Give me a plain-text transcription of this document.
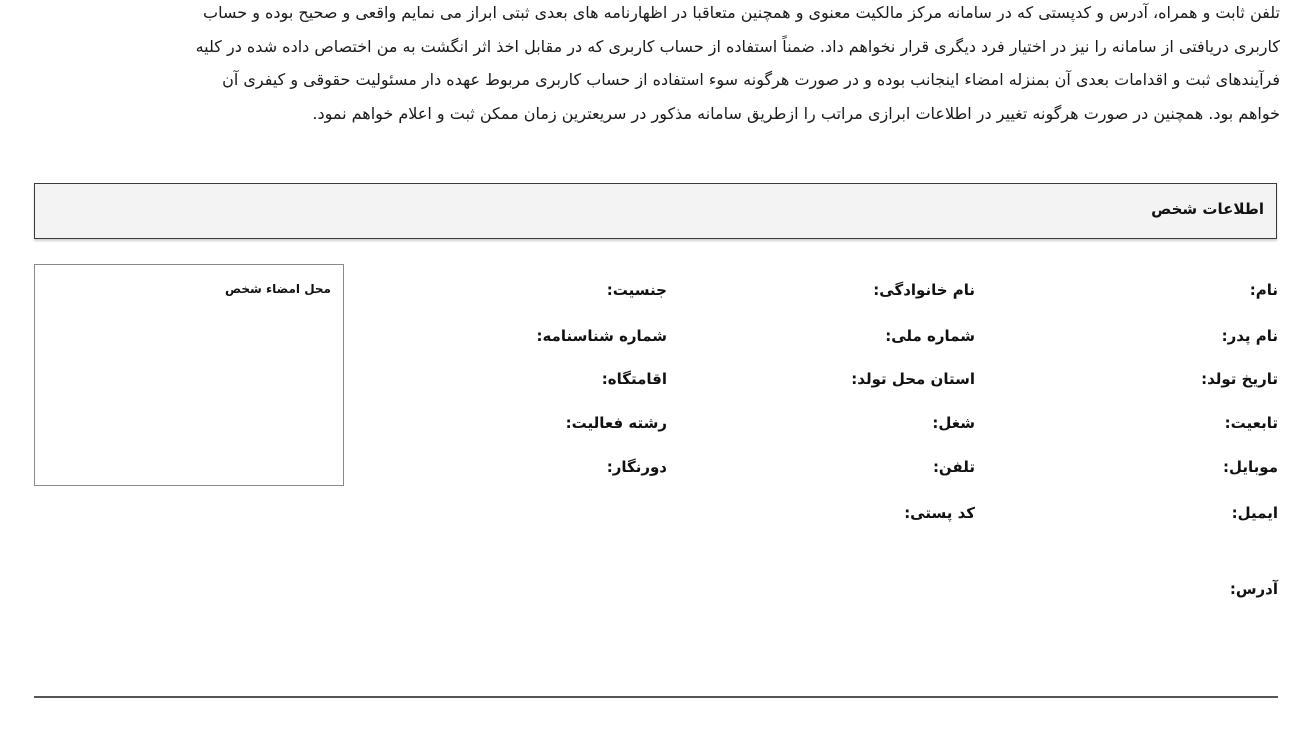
تلفن ثابت و همراه، آدرس و کدپستی که در سامانه مرکز مالکیت معنوی و همچنین متعاقبا در اظهارنامه های بعدی ثبتی ابراز می نمایم واقعی و صحیح بوده و حساب

کاربری دریافتی از سامانه را نیز در اختیار فرد دیگری قرار نخواهم داد. ضمناً استفاده از حساب کاربری که در مقابل اخذ اثر انگشت به من اختصاص داده شده در کلیه

فرآیندهای ثبت و اقدامات بعدی آن بمنزله امضاء اینجانب بوده و در صورت هرگونه سوء استفاده از حساب کاربری مربوط عهده دار مسئولیت حقوقی و کیفری آن

خواهم بود. همچنین در صورت هرگونه تغییر در اطلاعات ابرازی مراتب را ازطریق سامانه مذکور در سریعترین زمان ممکن ثبت و اعلام خواهم نمود.

اطلاعات شخص
محل امضاء شخص	نام:
نام خانوادگی:
جنسیت:
نام پدر:
شماره ملی:
شماره شناسنامه:
تاریخ تولد:
استان محل تولد:
اقامتگاه:
تابعیت:
شغل:
رشته فعالیت:
موبایل:
تلفن:
دورنگار:
ایمیل:
کد پستی:
آدرس:
